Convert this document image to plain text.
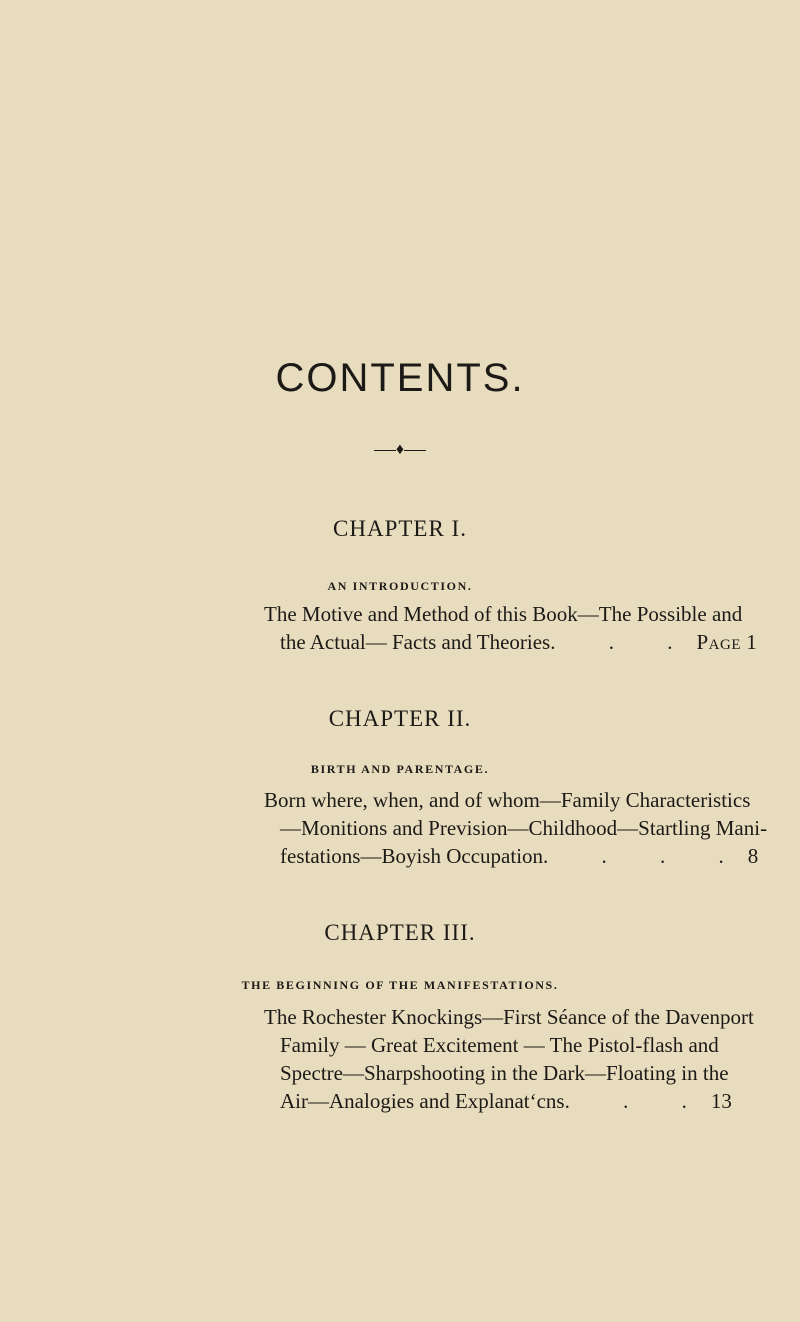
CONTENTS.
♦
CHAPTER I.
AN INTRODUCTION.
The Motive and Method of this Book—The Possible and
the Actual— Facts and Theories . . . Page 1
CHAPTER II.
BIRTH AND PARENTAGE.
Born where, when, and of whom—Family Characteristics
—Monitions and Prevision—Childhood—Startling Mani-
festations—Boyish Occupation . . . . 8
CHAPTER III.
THE BEGINNING OF THE MANIFESTATIONS.
The Rochester Knockings—First Séance of the Davenport
Family — Great Excitement — The Pistol-flash and
Spectre—Sharpshooting in the Dark—Floating in the
Air—Analogies and Explanat‘cns . . . 13
